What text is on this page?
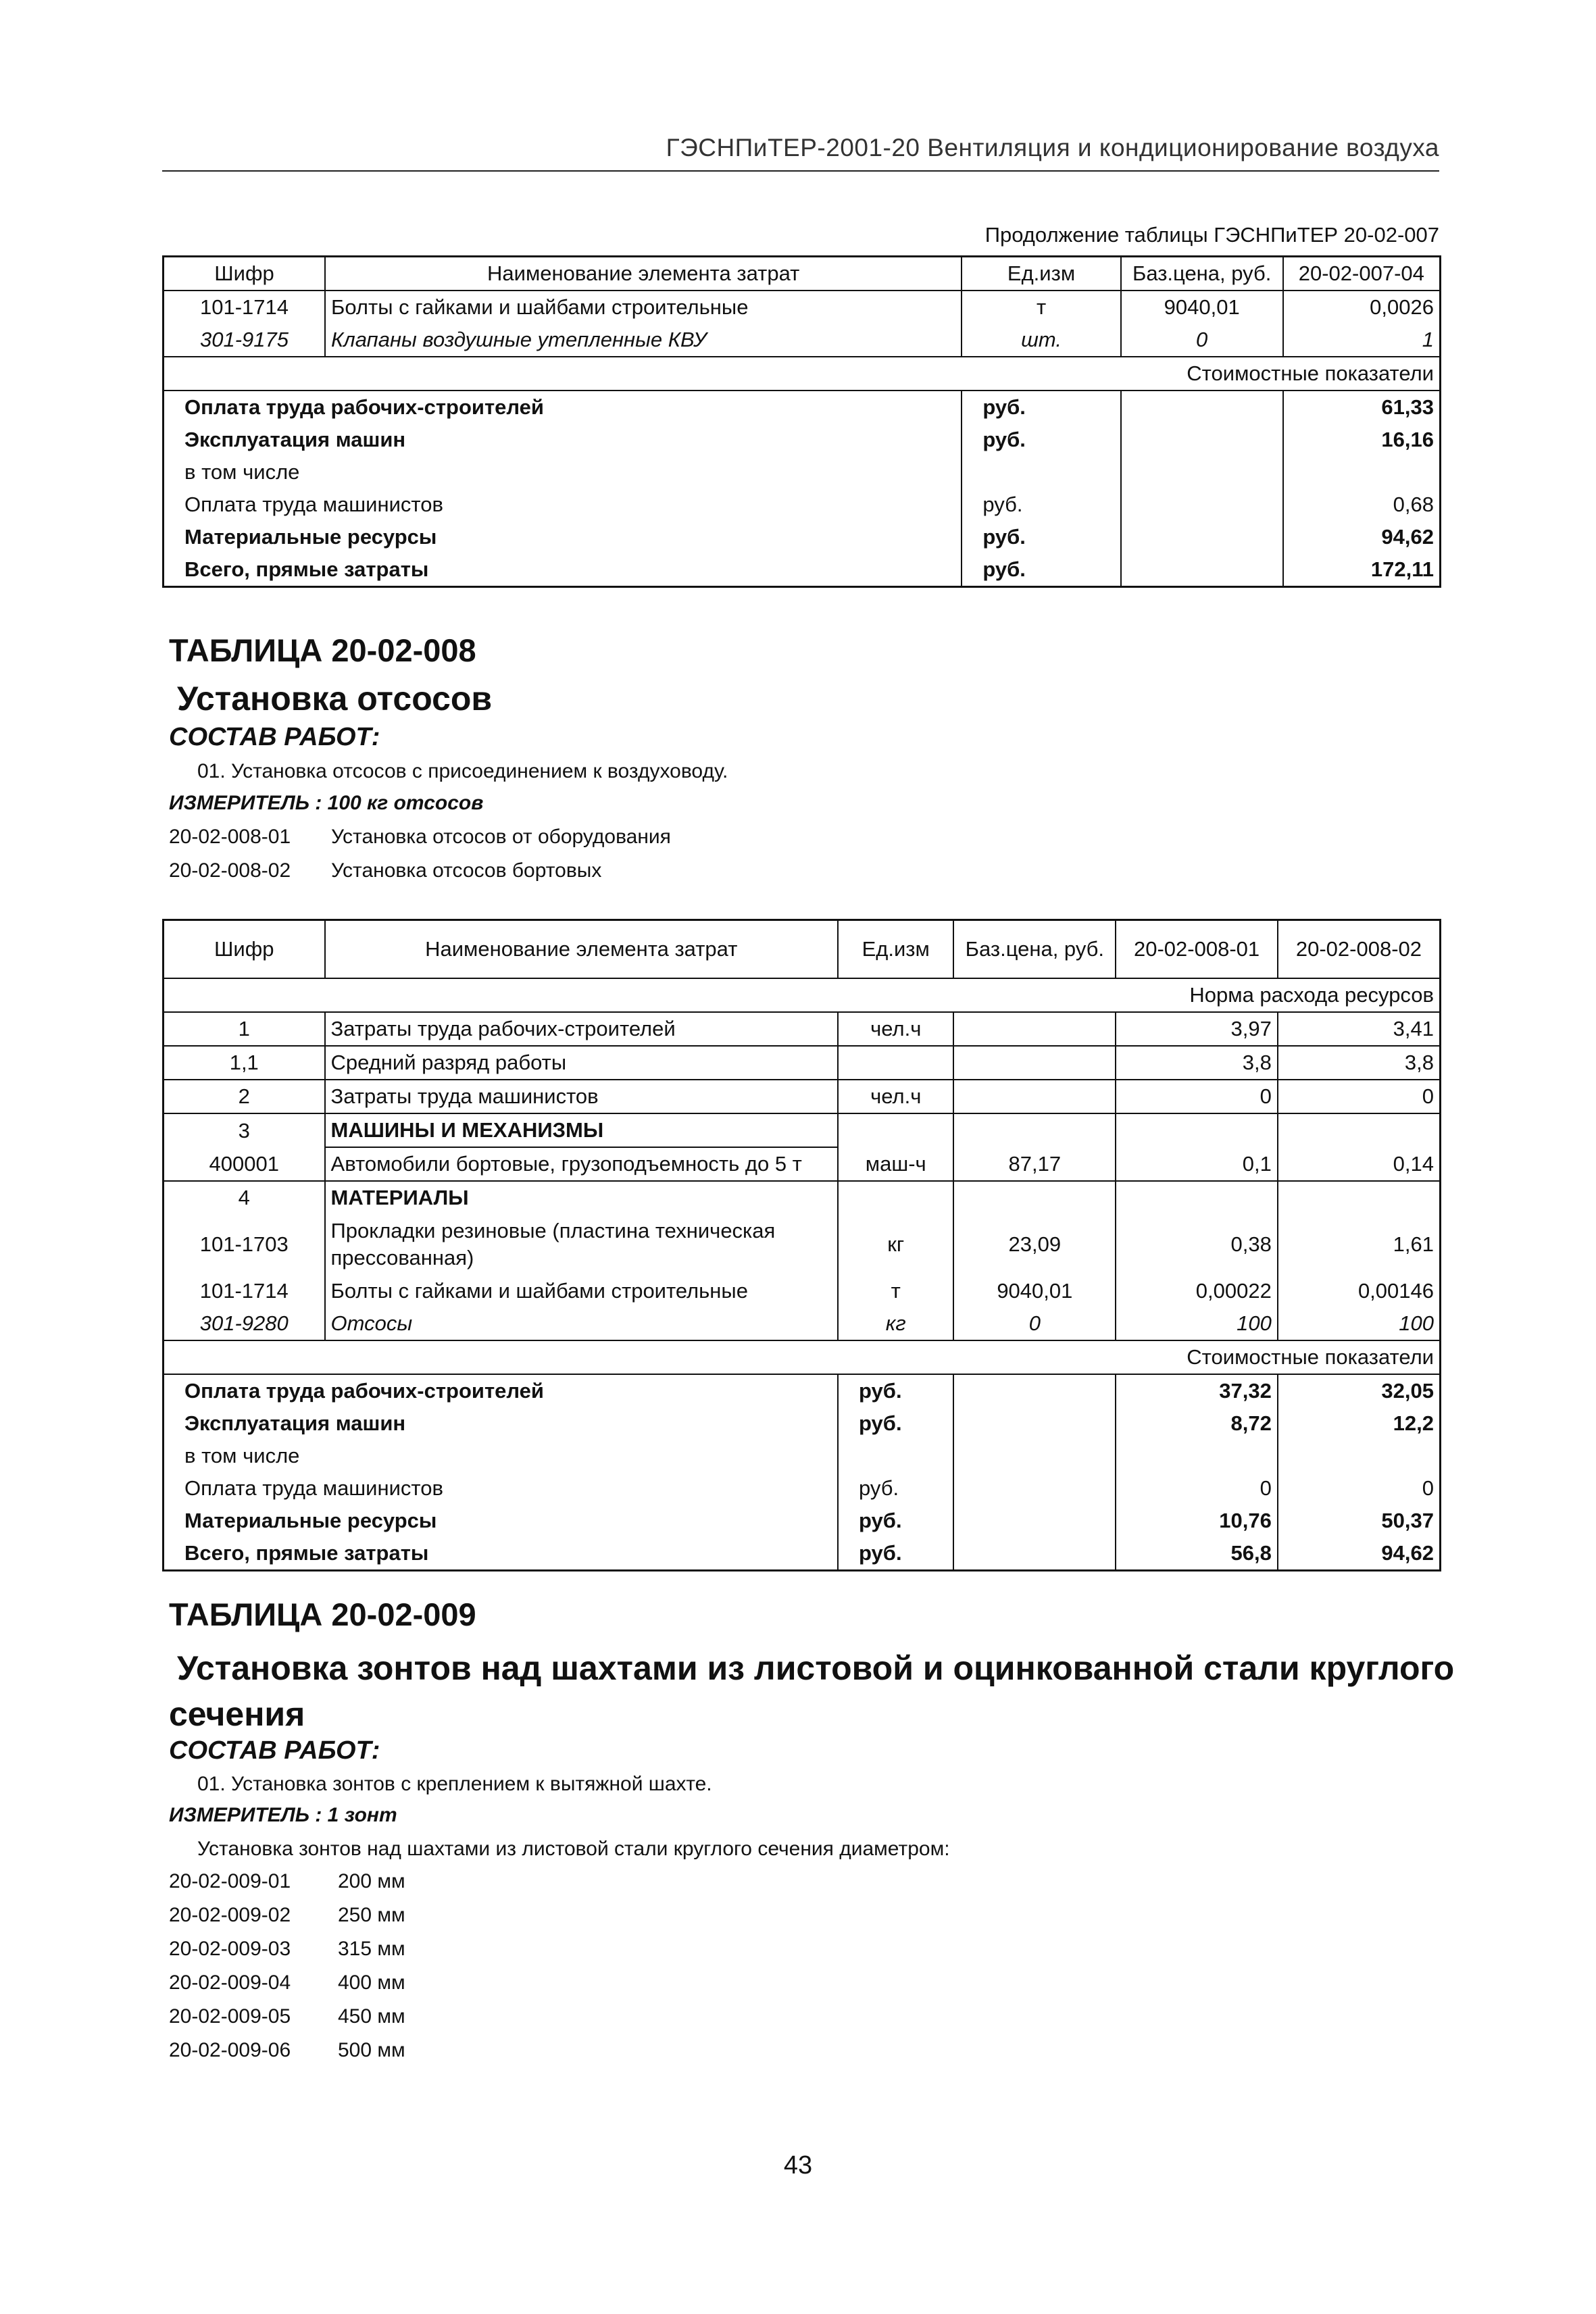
ГЭСНПиТЕР-2001-20 Вентиляция и кондиционирование воздуха
Продолжение таблицы ГЭСНПиТЕР 20-02-007
Шифр	Наименование элемента затрат	Ед.изм	Баз.цена, руб.	20-02-007-04
101-1714	Болты с гайками и шайбами строительные	т	9040,01	0,0026
301-9175	Клапаны воздушные утепленные КВУ	шт.	0	1
Стоимостные показатели				
Оплата труда рабочих-строителей		руб.		61,33
Эксплуатация машин		руб.		16,16
в том числе				
Оплата труда машинистов		руб.		0,68
Материальные ресурсы		руб.		94,62
Всего, прямые затраты		руб.		172,11
ТАБЛИЦА 20-02-008
Установка отсосов
СОСТАВ РАБОТ:
01. Установка отсосов с присоединением к воздуховоду.
ИЗМЕРИТЕЛЬ : 100 кг отсосов
20-02-008-01 Установка отсосов от оборудования
20-02-008-02 Установка отсосов бортовых
Шифр	Наименование элемента затрат	Ед.изм	Баз.цена, руб.	20-02-008-01	20-02-008-02
Норма расхода ресурсов					
1	Затраты труда рабочих-строителей	чел.ч		3,97	3,41
1,1	Средний разряд работы			3,8	3,8
2	Затраты труда машинистов	чел.ч		0	0
3	МАШИНЫ И МЕХАНИЗМЫ				
400001	Автомобили бортовые, грузоподъемность до 5 т	маш-ч	87,17	0,1	0,14
4	МАТЕРИАЛЫ				
101-1703	Прокладки резиновые (пластина техническая прессованная)	кг	23,09	0,38	1,61
101-1714	Болты с гайками и шайбами строительные	т	9040,01	0,00022	0,00146
301-9280	Отсосы	кг	0	100	100
Стоимостные показатели					
Оплата труда рабочих-строителей		руб.		37,32	32,05
Эксплуатация машин		руб.		8,72	12,2
в том числе					
Оплата труда машинистов		руб.		0	0
Материальные ресурсы		руб.		10,76	50,37
Всего, прямые затраты		руб.		56,8	94,62
ТАБЛИЦА 20-02-009
Установка зонтов над шахтами из листовой и оцинкованной стали круглого
сечения
СОСТАВ РАБОТ:
01. Установка зонтов с креплением к вытяжной шахте.
ИЗМЕРИТЕЛЬ : 1 зонт
Установка зонтов над шахтами из листовой стали круглого сечения диаметром:
20-02-009-01 200 мм
20-02-009-02 250 мм
20-02-009-03 315 мм
20-02-009-04 400 мм
20-02-009-05 450 мм
20-02-009-06 500 мм
43
